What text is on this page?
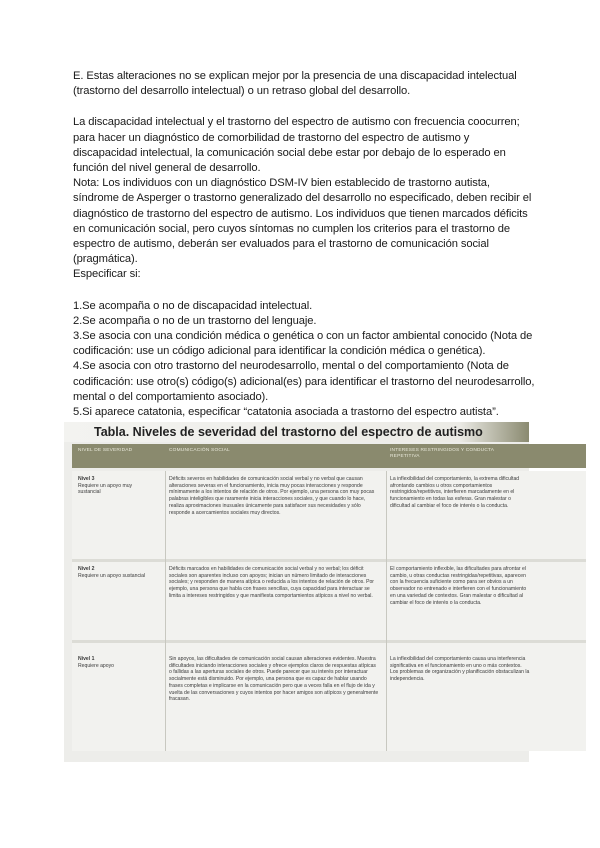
E. Estas alteraciones no se explican mejor por la presencia de una discapacidad intelectual (trastorno del desarrollo intelectual) o un retraso global del desarrollo.

La discapacidad intelectual y el trastorno del espectro de autismo con frecuencia coocurren; para hacer un diagnóstico de comorbilidad de trastorno del espectro de autismo y discapacidad intelectual, la comunicación social debe estar por debajo de lo esperado en función del nivel general de desarrollo.

Nota: Los individuos con un diagnóstico DSM-IV bien establecido de trastorno autista, síndrome de Asperger o trastorno generalizado del desarrollo no especificado, deben recibir el diagnóstico de trastorno del espectro de autismo. Los individuos que tienen marcados déficits en comunicación social, pero cuyos síntomas no cumplen los criterios para el trastorno de espectro de autismo, deberán ser evaluados para el trastorno de comunicación social (pragmática).

Especificar si:

1.Se acompaña o no de discapacidad intelectual.

2.Se acompaña o no de un trastorno del lenguaje.

3.Se asocia con una condición médica o genética o con un factor ambiental conocido (Nota de codificación: use un código adicional para identificar la condición médica o genética).

4.Se asocia con otro trastorno del neurodesarrollo, mental o del comportamiento (Nota de codificación: use otro(s) código(s) adicional(es) para identificar el trastorno del neurodesarrollo, mental o del comportamiento asociado).

5.Si aparece catatonia, especificar “catatonia asociada a trastorno del espectro autista”.

Tabla. Niveles de severidad del trastorno del espectro de autismo
NIVEL DE SEVERIDAD	COMUNICACIÓN SOCIAL	INTERESES RESTRINGIDOS Y CONDUCTA REPETITIVA
Nivel 3
Requiere un apoyo muy sustancial
Déficits severos en habilidades de comunicación social verbal y no verbal que causan alteraciones severas en el funcionamiento, inicia muy pocas interacciones y responde mínimamente a los intentos de relación de otros. Por ejemplo, una persona con muy pocas palabras inteligibles que raramente inicia interacciones sociales, y que cuando lo hace, realiza aproximaciones inusuales únicamente para satisfacer sus necesidades y sólo responde a acercamientos sociales muy directos.
La inflexibilidad del comportamiento, la extrema dificultad afrontando cambios u otros comportamientos restringidos/repetitivos, interfieren marcadamente en el funcionamiento en todas las esferas. Gran malestar o dificultad al cambiar el foco de interés o la conducta.
Nivel 2
Requiere un apoyo sustancial
Déficits marcados en habilidades de comunicación social verbal y no verbal; los déficit sociales son aparentes incluso con apoyos; inician un número limitado de interacciones sociales; y responden de manera atípica o reducida a los intentos de relación de otros. Por ejemplo, una persona que habla con frases sencillas, cuya capacidad para interactuar se limita a intereses restringidos y que manifiesta comportamientos atípicos a nivel no verbal.
El comportamiento inflexible, las dificultades para afrontar el cambio, u otras conductas restringidas/repetitivas, aparecen con la frecuencia suficiente como para ser obvios a un observador no entrenado e interfieren con el funcionamiento en una variedad de contextos. Gran malestar o dificultad al cambiar el foco de interés o la conducta.
Nivel 1
Requiere apoyo
Sin apoyos, las dificultades de comunicación social causan alteraciones evidentes. Muestra dificultades iniciando interacciones sociales y ofrece ejemplos claros de respuestas atípicas o fallidas a las aperturas sociales de otros. Puede parecer que su interés por interactuar socialmente está disminuido. Por ejemplo, una persona que es capaz de hablar usando frases completas e implicarse en la comunicación pero que a veces falla en el flujo de ida y vuelta de las conversaciones y cuyos intentos por hacer amigos son atípicos y generalmente fracasan.
La inflexibilidad del comportamiento causa una interferencia significativa en el funcionamiento en uno o más contextos. Los problemas de organización y planificación obstaculizan la independencia.
